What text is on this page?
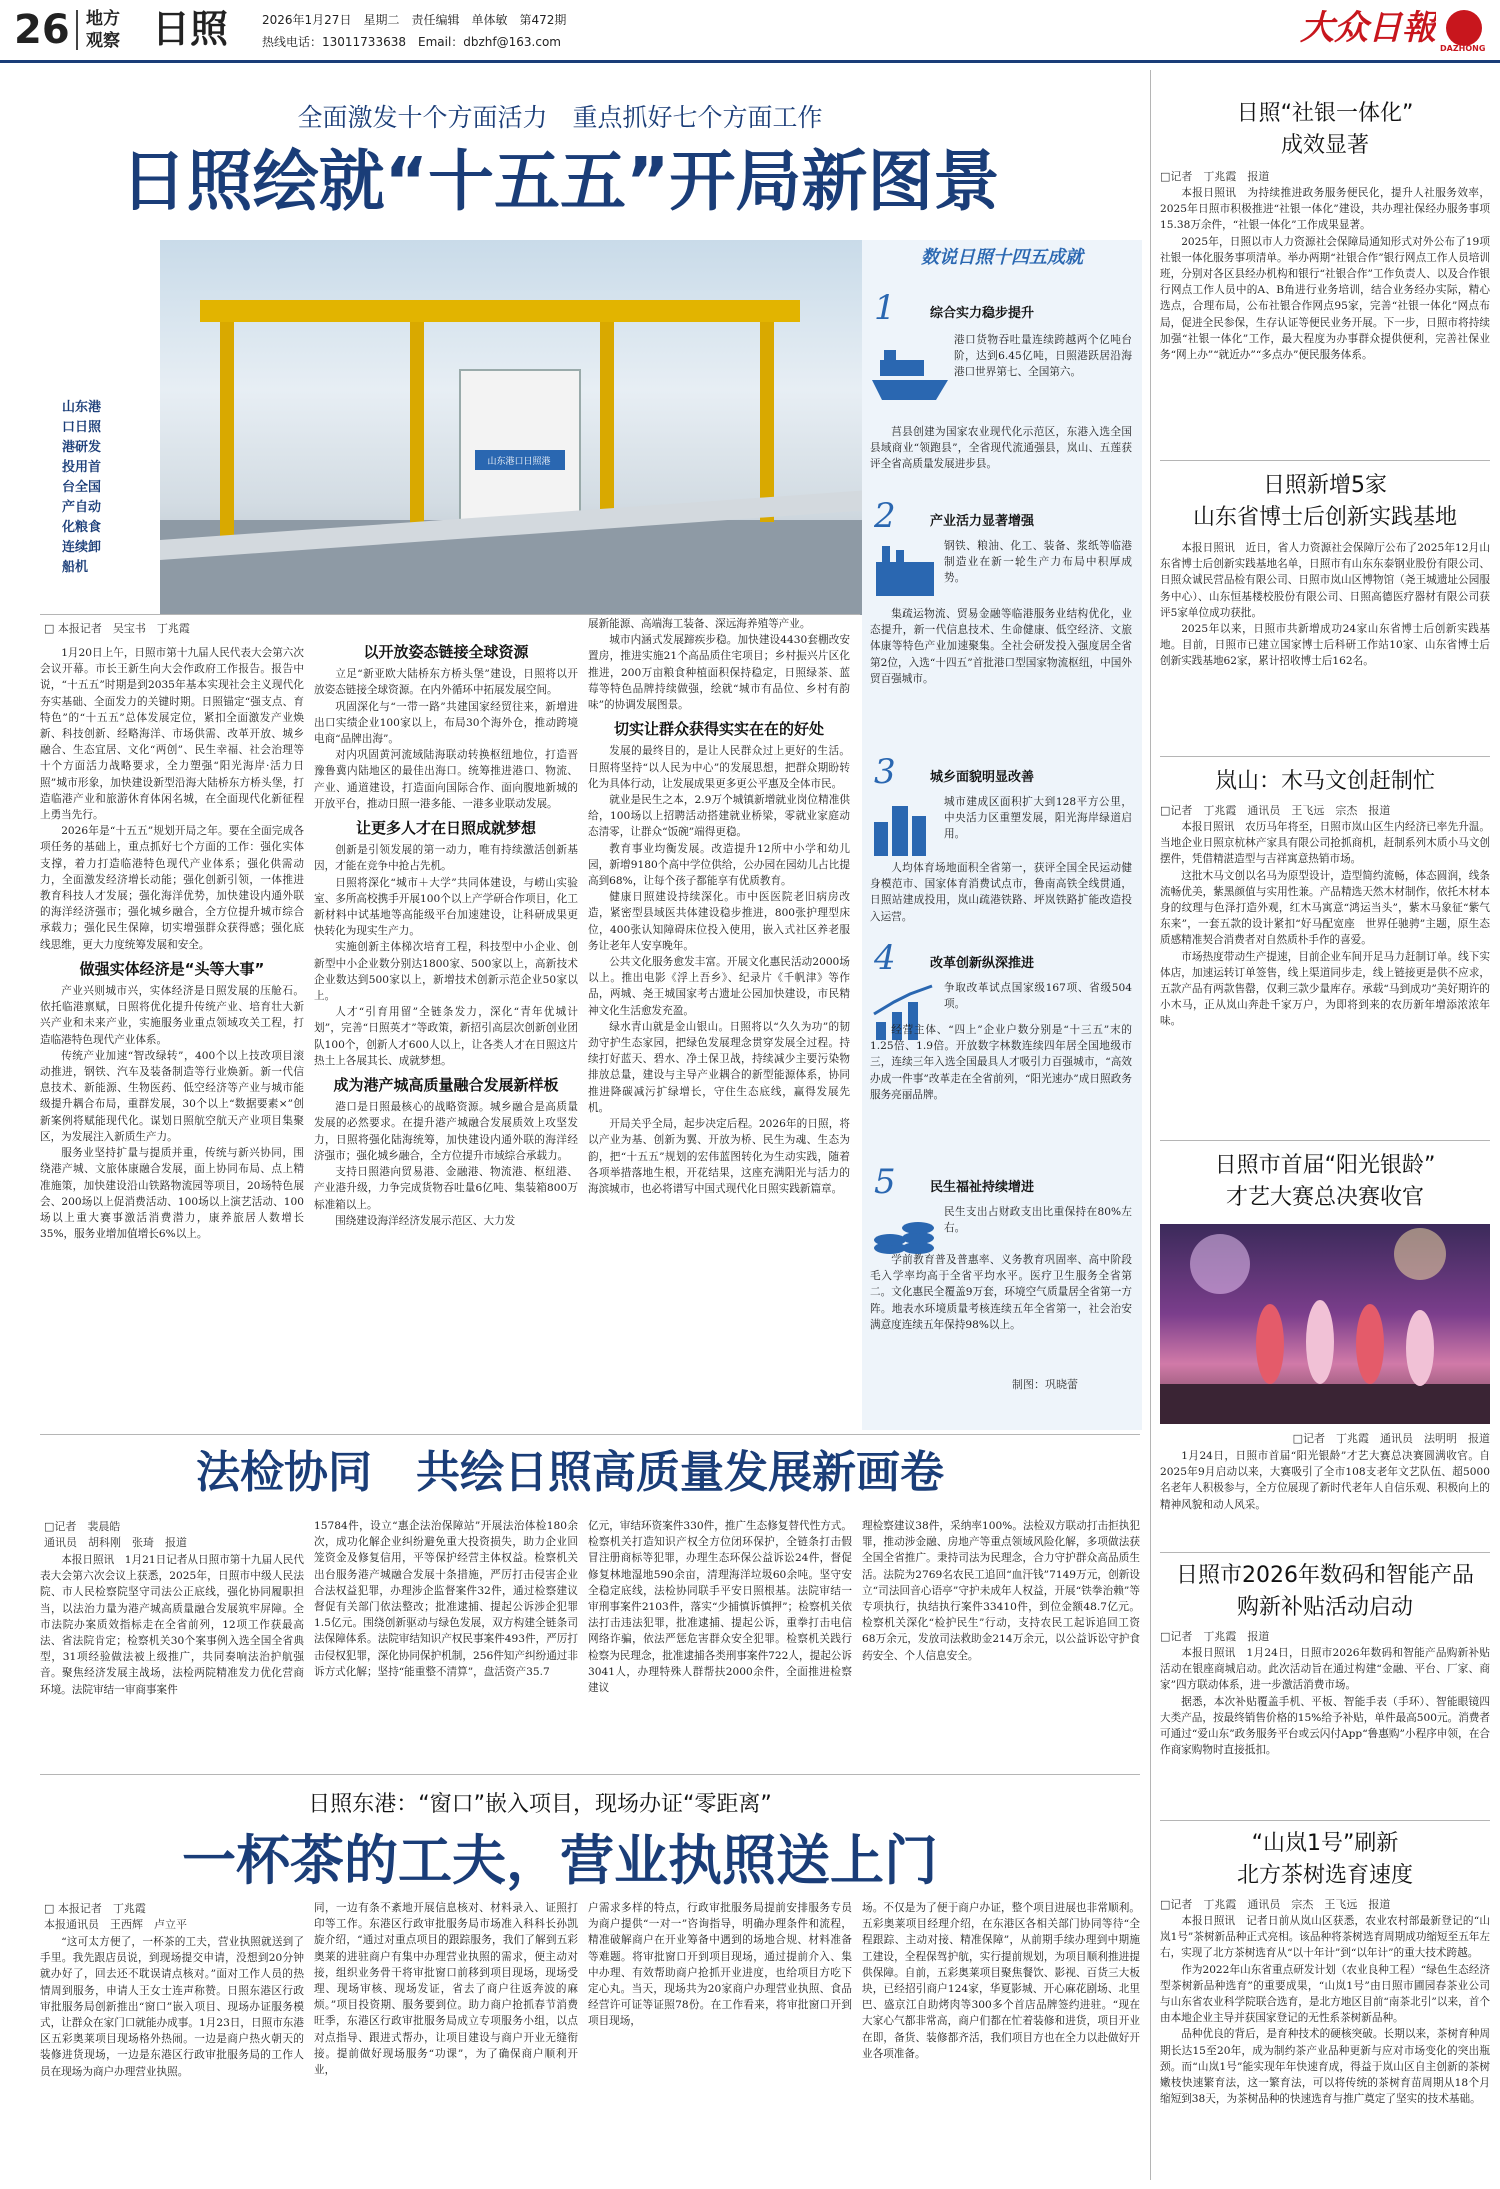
26 地方
观察 日照	2026年1月27日　星期二　责任编辑　单体敏　第472期
热线电话：13011733638　Email：dbzhf@163.com	大众日報
DAZHONG
全面激发十个方面活力　重点抓好七个方面工作
日照绘就“十五五”开局新图景
山东港口日照港
山东港口日照港研发投用首台全国产自动化粮食连续卸船机
□ 本报记者　吴宝书　丁兆霞

1月20日上午，日照市第十九届人民代表大会第六次会议开幕。市长王新生向大会作政府工作报告。报告中说，“十五五”时期是到2035年基本实现社会主义现代化夯实基础、全面发力的关键时期。日照锚定“强支点、育特色”的“十五五”总体发展定位，紧扣全面激发产业焕新、科技创新、经略海洋、市场供需、改革开放、城乡融合、生态宜居、文化“两创”、民生幸福、社会治理等十个方面活力战略要求，全力塑强“阳光海岸·活力日照”城市形象，加快建设新型沿海大陆桥东方桥头堡，打造临港产业和旅游休育体闲名城，在全面现代化新征程上勇当先行。

2026年是“十五五”规划开局之年。要在全面完成各项任务的基础上，重点抓好七个方面的工作：强化实体支撑，着力打造临港特色现代产业体系；强化供需动力，全面激发经济增长动能；强化创新引领，一体推进教育科技人才发展；强化海洋优势，加快建设内通外联的海洋经济强市；强化城乡融合，全方位提升城市综合承载力；强化民生保障，切实增强群众获得感；强化底线思维，更大力度统筹发展和安全。

做强实体经济是“头等大事”

产业兴则城市兴，实体经济是日照发展的压舱石。依托临港禀赋，日照将优化提升传统产业、培育壮大新兴产业和未来产业，实施服务业重点领域攻关工程，打造临港特色现代产业体系。

传统产业加速“智改绿转”，400个以上技改项目滚动推进，钢铁、汽车及装备制造等行业焕新。新一代信息技术、新能源、生物医药、低空经济等产业与城市能级提升耦合布局，重群发展，30个以上“数据要素×”创新案例将赋能现代化。谋划日照航空航天产业项目集聚区，为发展注入新质生产力。

服务业坚持扩量与提质并重，传统与新兴协同，围绕港产城、文旅体康融合发展，面上协同布局、点上精准施策，加快建设沿山铁路物流园等项目，20场特色展会、200场以上促消费活动、100场以上演艺活动、100场以上重大赛事激活消费潜力，康养旅居人数增长35%，服务业增加值增长6%以上。

以开放姿态链接全球资源

立足“新亚欧大陆桥东方桥头堡”建设，日照将以开放姿态链接全球资源。在内外循环中拓展发展空间。

巩固深化与“一带一路”共建国家经贸往来，新增进出口实绩企业100家以上，布局30个海外仓，推动跨境电商“品牌出海”。

对内巩固黄河流域陆海联动转换枢纽地位，打造晋豫鲁冀内陆地区的最佳出海口。统筹推进港口、物流、产业、通道建设，打造面向国际合作、面向腹地新城的开放平台，推动日照一港多能、一港多业联动发展。

让更多人才在日照成就梦想

创新是引领发展的第一动力，唯有持续激活创新基因，才能在竞争中抢占先机。

日照将深化“城市＋大学”共同体建设，与崂山实验室、多所高校携手开展100个以上产学研合作项目，化工新材料中试基地等高能级平台加速建设，让科研成果更快转化为现实生产力。

实施创新主体梯次培育工程，科技型中小企业、创新型中小企业数分别达1800家、500家以上，高新技术企业数达到500家以上，新增技术创新示范企业50家以上。

人才“引育用留”全链条发力，深化“青年优城计划”，完善“日照英才”等政策，新招引高层次创新创业团队100个，创新人才600人以上，让各类人才在日照这片热土上各展其长、成就梦想。

成为港产城高质量融合发展新样板

港口是日照最核心的战略资源。城乡融合是高质量发展的必然要求。在提升港产城融合发展质效上攻坚发力，日照将强化陆海统筹，加快建设内通外联的海洋经济强市；强化城乡融合，全方位提升市域综合承载力。

支持日照港向贸易港、金融港、物流港、枢纽港、产业港升级，力争完成货物吞吐量6亿吨、集装箱800万标准箱以上。

围绕建设海洋经济发展示范区、大力发

展新能源、高端海工装备、深远海养殖等产业。

城市内涵式发展蹄疾步稳。加快建设4430套棚改安置房，推进实施21个高品质住宅项目；乡村振兴片区化推进，200万亩粮食种植面积保持稳定，日照绿茶、蓝莓等特色品牌持续做强，绘就“城市有品位、乡村有韵味”的协调发展图景。

切实让群众获得实实在在的好处

发展的最终目的，是让人民群众过上更好的生活。日照将坚持“以人民为中心”的发展思想，把群众期盼转化为具体行动，让发展成果更多更公平惠及全体市民。

就业是民生之本，2.9万个城镇新增就业岗位精准供给，100场以上招聘活动搭建就业桥梁，零就业家庭动态清零，让群众“饭碗”端得更稳。

教育事业均衡发展。改造提升12所中小学和幼儿园，新增9180个高中学位供给，公办园在园幼儿占比提高到68%，让每个孩子都能享有优质教育。

健康日照建设持续深化。市中医医院老旧病房改造，紧密型县域医共体建设稳步推进，800张护理型床位，400张认知障碍床位投入使用，嵌入式社区养老服务让老年人安享晚年。

公共文化服务愈发丰富。开展文化惠民活动2000场以上。推出电影《浮上吾乡》、纪录片《千帆津》等作品，两城、尧王城国家考古遗址公园加快建设，市民精神文化生活愈发充盈。

绿水青山就是金山银山。日照将以“久久为功”的韧劲守护生态家园，把绿色发展理念贯穿发展全过程。持续打好蓝天、碧水、净土保卫战，持续减少主要污染物排放总量，建设与主导产业耦合的新型能源体系，协同推进降碳减污扩绿增长，守住生态底线，赢得发展先机。

开局关乎全局，起步决定后程。2026年的日照，将以产业为基、创新为翼、开放为桥、民生为魂、生态为韵，把“十五五”规划的宏伟蓝图转化为生动实践，随着各项举措落地生根，开花结果，这座充满阳光与活力的海滨城市，也必将谱写中国式现代化日照实践新篇章。

数说日照十四五成就
1	综合实力稳步提升
港口货物吞吐量连续跨越两个亿吨台阶，达到6.45亿吨，日照港跃居沿海港口世界第七、全国第六。
莒县创建为国家农业现代化示范区，东港入选全国县域商业“领跑县”，全省现代流通强县，岚山、五莲获评全省高质量发展进步县。
2	产业活力显著增强
钢铁、粮油、化工、装备、浆纸等临港制造业在新一轮生产力布局中积厚成势。
集疏运物流、贸易金融等临港服务业结构优化，业态提升，新一代信息技术、生命健康、低空经济、文旅体康等特色产业加速聚集。全社会研发投入强度居全省第2位，入选“十四五”首批港口型国家物流枢纽，中国外贸百强城市。
3	城乡面貌明显改善
城市建成区面积扩大到128平方公里，中央活力区重塑发展，阳光海岸绿道启用。
人均体育场地面积全省第一，获评全国全民运动健身模范市、国家体育消费试点市，鲁南高铁全线贯通，日照站建成投用，岚山疏港铁路、坪岚铁路扩能改造投入运营。
4	改革创新纵深推进
争取改革试点国家级167项、省级504项。
经营主体、“四上”企业户数分别是“十三五”末的1.25倍、1.9倍。开放数字林数连续四年居全国地级市三，连续三年入选全国最具人才吸引力百强城市，“高效办成一件事”改革走在全省前列，“阳光速办”成日照政务服务亮丽品牌。
5	民生福祉持续增进
民生支出占财政支出比重保持在80%左右。
学前教育普及普惠率、义务教育巩固率、高中阶段毛入学率均高于全省平均水平。医疗卫生服务全省第二。文化惠民全覆盖9万套，环境空气质量居全省第一方阵。地表水环境质量考核连续五年全省第一，社会治安满意度连续五年保持98%以上。
制图：巩晓蕾
法检协同　共绘日照高质量发展新画卷
□记者　裴晨皓
通讯员　胡科刚　张琦　报道
本报日照讯　1月21日记者从日照市第十九届人民代表大会第六次会议上获悉，2025年，日照市中级人民法院、市人民检察院坚守司法公正底线，强化协同履职担当，以法治力量为港产城高质量融合发展筑牢屏障。全市法院办案质效指标走在全省前列，12项工作获最高法、省法院肯定；检察机关30个案事例入选全国全省典型，31项经验做法被上级推广，共同奏响法治护航强音。聚焦经济发展主战场，法检两院精准发力优化营商环境。法院审结一审商事案件
15784件，设立“惠企法治保障站”开展法治体检180余次，成功化解企业纠纷避免重大投资损失，助力企业回笼资金及修复信用，平等保护经营主体权益。检察机关出台服务港产城融合发展十条措施，严厉打击侵害企业合法权益犯罪，办理涉企监督案件32件，通过检察建议督促有关部门依法整改；批准逮捕、提起公诉涉企犯罪1.5亿元。围绕创新驱动与绿色发展，双方构建全链条司法保障体系。法院审结知识产权民事案件493件，严厉打击侵权犯罪，深化协同保护机制，256件知产纠纷通过非诉方式化解；坚持“能重整不清算”，盘活资产35.7
亿元，审结环资案件330件，推广生态修复替代性方式。检察机关打造知识产权全方位闭环保护，全链条打击假冒注册商标等犯罪，办理生态环保公益诉讼24件，督促修复林地湿地590余亩，清理海洋垃圾60余吨。坚守安全稳定底线，法检协同联手平安日照根基。法院审结一审刑事案件2103件，落实“少捕慎诉慎押”；检察机关依法打击违法犯罪，批准逮捕、提起公诉，重拳打击电信网络诈骗，依法严惩危害群众安全犯罪。检察机关践行检察为民理念，批准逮捕各类刑事案件722人，提起公诉3041人，办理特殊人群帮扶2000余件，全面推进检察建议
理检察建议38件，采纳率100%。法检双方联动打击拒执犯罪，推动涉金融、房地产等重点领域风险化解，多项做法获全国全省推广。秉持司法为民理念，合力守护群众高品质生活。法院为2769名农民工追回“血汗钱”7149万元，创新设立“司法回音心语亭”守护未成年人权益，开展“铁拳治赖”等专项执行，执结执行案件33410件，到位金额48.7亿元。检察机关深化“检护民生”行动，支持农民工起诉追回工资68万余元，发放司法救助金214万余元，以公益诉讼守护食药安全、个人信息安全。
日照东港：“窗口”嵌入项目，现场办证“零距离”
一杯茶的工夫，营业执照送上门
□ 本报记者　丁兆霞
本报通讯员　王西辉　卢立平
“这可太方便了，一杯茶的工夫，营业执照就送到了手里。我先跟店员说，到现场提交申请，没想到20分钟就办好了，回去还不耽误请点核对。”面对工作人员的热情周到服务，申请人王女士连声称赞。日照东港区行政审批服务局创新推出“窗口”嵌入项目、现场办证服务模式，让群众在家门口就能办成事。1月23日，日照市东港区五彩奥莱项目现场格外热闹。一边是商户热火朝天的装修进货现场，一边是东港区行政审批服务局的工作人员在现场为商户办理营业执照。
同，一边有条不紊地开展信息核对、材料录入、证照打印等工作。东港区行政审批服务局市场准入科科长孙凯旋介绍，“通过对重点项目的跟踪服务，我们了解到五彩奥莱的进驻商户有集中办理营业执照的需求，便主动对接，组织业务骨干将审批窗口前移到项目现场，现场受理、现场审核、现场发证，省去了商户往返奔波的麻烦。”项目投资期、服务要到位。助力商户抢抓春节消费旺季，东港区行政审批服务局成立专项服务小组，以点对点指导、跟进式帮办，让项目建设与商户开业无缝衔接。提前做好现场服务“功课”，为了确保商户顺利开业，
户需求多样的特点，行政审批服务局提前安排服务专员为商户提供“一对一”咨询指导，明确办理条件和流程，精准破解商户在开业筹备中遇到的场地合规、材料准备等难题。将审批窗口开到项目现场，通过提前介入、集中办理、有效帮助商户抢抓开业进度，也给项目方吃下定心丸。当天，现场共为20家商户办理营业执照、食品经营许可证等证照78份。在工作看来，将审批窗口开到项目现场，
场。不仅是为了便于商户办证，整个项目进展也非常顺利。五彩奥莱项目经理介绍，在东港区各相关部门协同等待“全程跟踪、主动对接、精准保障”，从前期手续办理到中期施工建设，全程保驾护航，实行提前规划，为项目顺利推进提供保障。自前，五彩奥莱项目聚焦餐饮、影视、百货三大板块，已经招引商户124家，华夏影城、开心麻花剧场、北里巴、盛京江自助烤肉等300多个首店品牌签约进驻。“现在大家心气都非常高，商户们都在忙着装修和进货，项目开业在即，备货、装修都齐活，我们项目方也在全力以赴做好开业各项准备。
日照“社银一体化”
成效显著
□记者　丁兆霞　报道

本报日照讯　为持续推进政务服务便民化，提升人社服务效率，2025年日照市积极推进“社银一体化”建设，共办理社保经办服务事项15.38万余件，“社银一体化”工作成果显著。

2025年，日照以市人力资源社会保障局通知形式对外公布了19项社银一体化服务事项清单。举办两期“社银合作”银行网点工作人员培训班，分别对各区县经办机构和银行“社银合作”工作负责人、以及合作银行网点工作人员中的A、B角进行业务培训，结合业务经办实际，精心选点，合理布局，公布社银合作网点95家，完善“社银一体化”网点布局，促进全民参保，生存认证等便民业务开展。下一步，日照市将持续加强“社银一体化”工作，最大程度为办事群众提供便利，完善社保业务“网上办”“就近办”“多点办”便民服务体系。

日照新增5家
山东省博士后创新实践基地

本报日照讯　近日，省人力资源社会保障厅公布了2025年12月山东省博士后创新实践基地名单，日照市有山东东泰钢业股份有限公司、日照众诚民营品检有限公司、日照市岚山区博物馆（尧王城遗址公园服务中心）、山东恒基楼校股份有限公司、日照高德医疗器材有限公司获评5家单位成功获批。

2025年以来，日照市共新增成功24家山东省博士后创新实践基地。目前，日照市已建立国家博士后科研工作站10家、山东省博士后创新实践基地62家，累计招收博士后162名。

岚山：木马文创赶制忙
□记者　丁兆霞　通讯员　王飞远　宗杰　报道

本报日照讯　农历马年将至，日照市岚山区生内经济已率先升温。当地企业日照京杭林产家具有限公司抢抓商机，赶制系列木质小马文创摆件，凭借精湛造型与吉祥寓意热销市场。

这批木马文创以名马为原型设计，造型简约流畅，体态圆润，线条流畅优美，紫黑颜值与实用性兼。产品精选天然木材制作，依托木材本身的纹理与色泽打造外观，红木马寓意“鸿运当头”，紫木马象征“紫气东来”，一套五款的设计紧扣“好马配宽座　世界任驰骋”主题，原生态质感精准契合消费者对自然质朴手作的喜爱。

市场热度带动生产提速，目前企业车间开足马力赶制订单。线下实体店，加速运转订单签售，线上渠道同步走，线上链接更是供不应求，五款产品有两款售罄，仅剩三款少量库存。承载“马到成功”美好期许的小木马，正从岚山奔赴千家万户，为即将到来的农历新年增添浓浓年味。

日照市首届“阳光银龄”
才艺大赛总决赛收官
□记者　丁兆霞　通讯员　法明明　报道
1月24日，日照市首届“阳光银龄”才艺大赛总决赛圆满收官。自2025年9月启动以来，大赛吸引了全市108支老年文艺队伍、超5000名老年人积极参与，全方位展现了新时代老年人自信乐观、积极向上的精神风貌和动人风采。
日照市2026年数码和智能产品
购新补贴活动启动
□记者　丁兆霞　报道

本报日照讯　1月24日，日照市2026年数码和智能产品购新补贴活动在银座商城启动。此次活动旨在通过构建“金融、平台、厂家、商家”四方联动体系，进一步激活消费市场。

据悉，本次补贴覆盖手机、平板、智能手表（手环）、智能眼镜四大类产品，按最终销售价格的15%给予补贴，单件最高500元。消费者可通过“爱山东”政务服务平台或云闪付App“鲁惠购”小程序申领，在合作商家购物时直接抵扣。

“山岚1号”刷新
北方茶树选育速度
□记者　丁兆霞　通讯员　宗杰　王飞远　报道

本报日照讯　记者日前从岚山区获悉，农业农村部最新登记的“山岚1号”茶树新品种正式亮相。该品种将茶树选育周期成功缩短至五年左右，实现了北方茶树选育从“以十年计”到“以年计”的重大技术跨越。

作为2022年山东省重点研发计划（农业良种工程）“绿色生态经济型茶树新品种选育”的重要成果，“山岚1号”由日照市圃园春茶业公司与山东省农业科学院联合选育，是北方地区目前“南茶北引”以来，首个由本地企业主导并获国家登记的无性系茶树新品种。

品种优良的背后，是育种技术的硬核突破。长期以来，茶树育种周期长达15至20年，成为制约茶产业品种更新与应对市场变化的突出瓶颈。而“山岚1号”能实现年年快速育成，得益于岚山区自主创新的茶树嫩枝快速繁育法，这一繁育法，可以将传统的茶树育苗周期从18个月缩短到38天，为茶树品种的快速选育与推广奠定了坚实的技术基础。
